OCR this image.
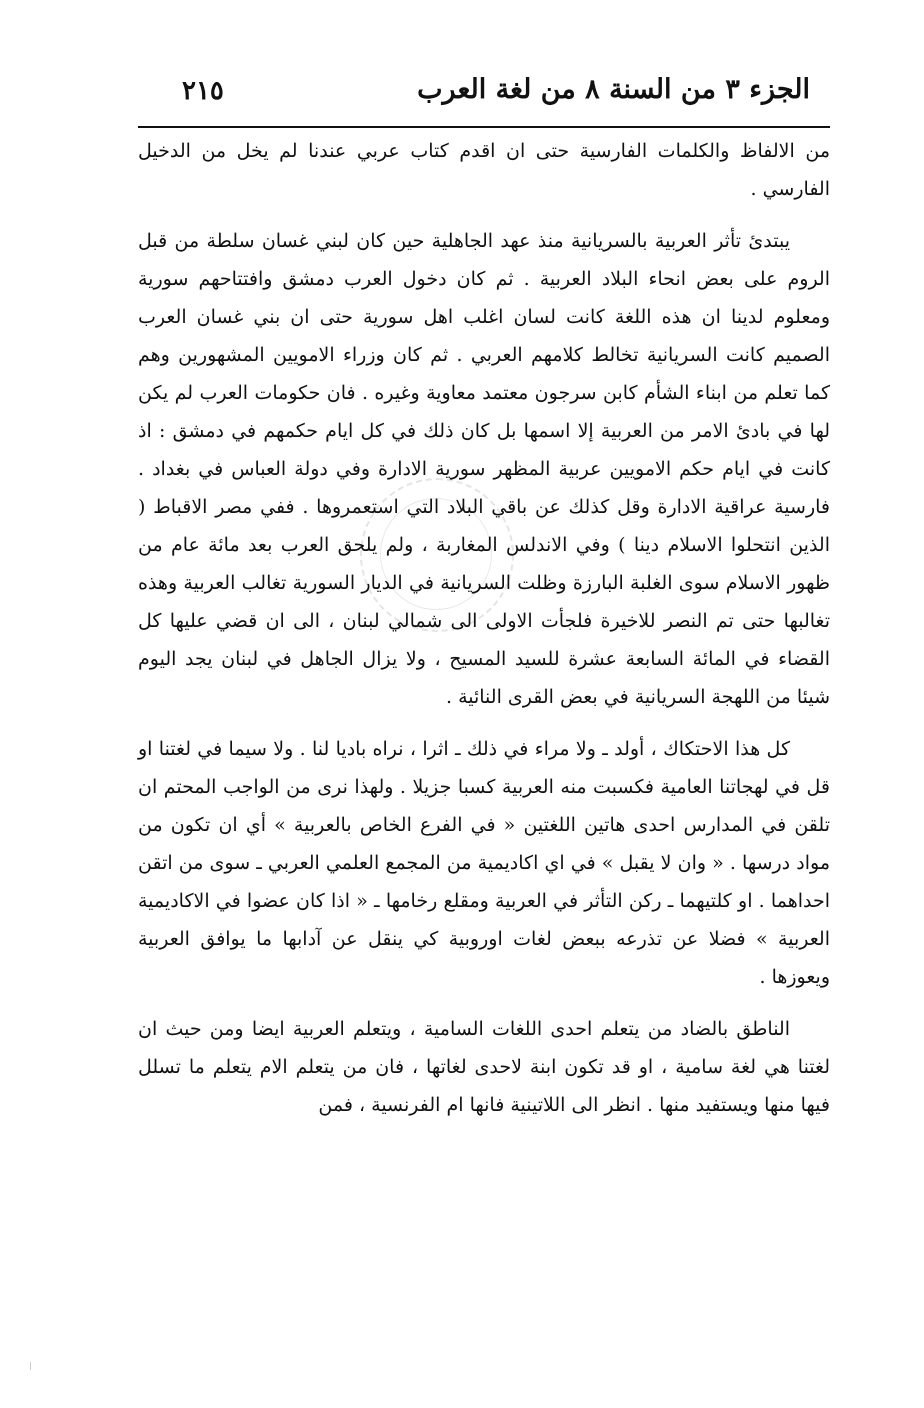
الجزء ٣ من السنة ٨ من لغة العرب
٢١٥

من الالفاظ والكلمات الفارسية حتى ان اقدم كتاب عربي عندنا لم يخل من الدخيل الفارسي .

يبتدئ تأثر العربية بالسريانية منذ عهد الجاهلية حين كان لبني غسان سلطة من قبل الروم على بعض انحاء البلاد العربية . ثم كان دخول العرب دمشق وافتتاحهم سورية ومعلوم لدينا ان هذه اللغة كانت لسان اغلب اهل سورية حتى ان بني غسان العرب الصميم كانت السريانية تخالط كلامهم العربي . ثم كان وزراء الامويين المشهورين وهم كما تعلم من ابناء الشأم كابن سرجون معتمد معاوية وغيره . فان حكومات العرب لم يكن لها في بادئ الامر من العربية إلا اسمها بل كان ذلك في كل ايام حكمهم في دمشق : اذ كانت في ايام حكم الامويين عربية المظهر سورية الادارة وفي دولة العباس في بغداد . فارسية عراقية الادارة وقل كذلك عن باقي البلاد التي استعمروها . ففي مصر الاقباط ( الذين انتحلوا الاسلام دينا ) وفي الاندلس المغاربة ، ولم يلحق العرب بعد مائة عام من ظهور الاسلام سوى الغلبة البارزة وظلت السريانية في الديار السورية تغالب العربية وهذه تغالبها حتى تم النصر للاخيرة فلجأت الاولى الى شمالي لبنان ، الى ان قضي عليها كل القضاء في المائة السابعة عشرة للسيد المسيح ، ولا يزال الجاهل في لبنان يجد اليوم شيئا من اللهجة السريانية في بعض القرى النائية .

كل هذا الاحتكاك ، أولد ـ ولا مراء في ذلك ـ اثرا ، نراه باديا لنا . ولا سيما في لغتنا او قل في لهجاتنا العامية فكسبت منه العربية كسبا جزيلا . ولهذا نرى من الواجب المحتم ان تلقن في المدارس احدى هاتين اللغتين « في الفرع الخاص بالعربية » أي ان تكون من مواد درسها . « وان لا يقبل » في اي اكاديمية من المجمع العلمي العربي ـ سوى من اتقن احداهما . او كلتيهما ـ ركن التأثر في العربية ومقلع رخامها ـ « اذا كان عضوا في الاكاديمية العربية » فضلا عن تذرعه ببعض لغات اوروبية كي ينقل عن آدابها ما يوافق العربية ويعوزها .

الناطق بالضاد من يتعلم احدى اللغات السامية ، ويتعلم العربية ايضا ومن حيث ان لغتنا هي لغة سامية ، او قد تكون ابنة لاحدى لغاتها ، فان من يتعلم الام يتعلم ما تسلل فيها منها ويستفيد منها . انظر الى اللاتينية فانها ام الفرنسية ، فمن
